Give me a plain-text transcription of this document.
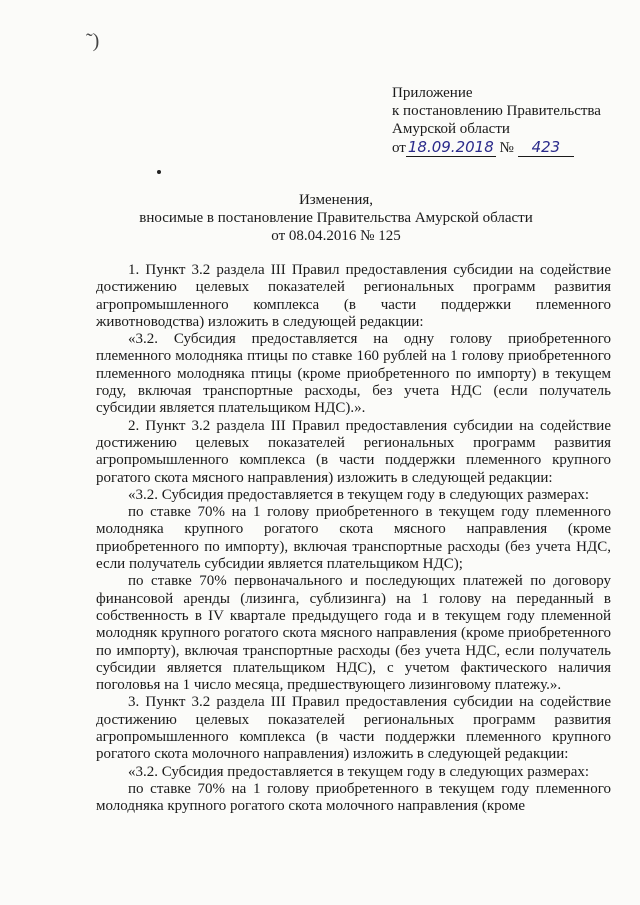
˜)
Приложение
к постановлению Правительства
Амурской области
от 18.09.2018 № 423
Изменения,
вносимые в постановление Правительства Амурской области
от 08.04.2016 № 125

1. Пункт 3.2 раздела III Правил предоставления субсидии на содействие достижению целевых показателей региональных программ развития агропромышленного комплекса (в части поддержки племенного животноводства) изложить в следующей редакции:

«3.2. Субсидия предоставляется на одну голову приобретенного племенного молодняка птицы по ставке 160 рублей на 1 голову приобретенного племенного молодняка птицы (кроме приобретенного по импорту) в текущем году, включая транспортные расходы, без учета НДС (если получатель субсидии является плательщиком НДС).».

2. Пункт 3.2 раздела III Правил предоставления субсидии на содействие достижению целевых показателей региональных программ развития агропромышленного комплекса (в части поддержки племенного крупного рогатого скота мясного направления) изложить в следующей редакции:

«3.2. Субсидия предоставляется в текущем году в следующих размерах:

по ставке 70% на 1 голову приобретенного в текущем году племенного молодняка крупного рогатого скота мясного направления (кроме приобретенного по импорту), включая транспортные расходы (без учета НДС, если получатель субсидии является плательщиком НДС);

по ставке 70% первоначального и последующих платежей по договору финансовой аренды (лизинга, сублизинга) на 1 голову на переданный в собственность в IV квартале предыдущего года и в текущем году племенной молодняк крупного рогатого скота мясного направления (кроме приобретенного по импорту), включая транспортные расходы (без учета НДС, если получатель субсидии является плательщиком НДС), с учетом фактического наличия поголовья на 1 число месяца, предшествующего лизинговому платежу.».

3. Пункт 3.2 раздела III Правил предоставления субсидии на содействие достижению целевых показателей региональных программ развития агропромышленного комплекса (в части поддержки племенного крупного рогатого скота молочного направления) изложить в следующей редакции:

«3.2. Субсидия предоставляется в текущем году в следующих размерах:

по ставке 70% на 1 голову приобретенного в текущем году племенного молодняка крупного рогатого скота молочного направления (кроме
